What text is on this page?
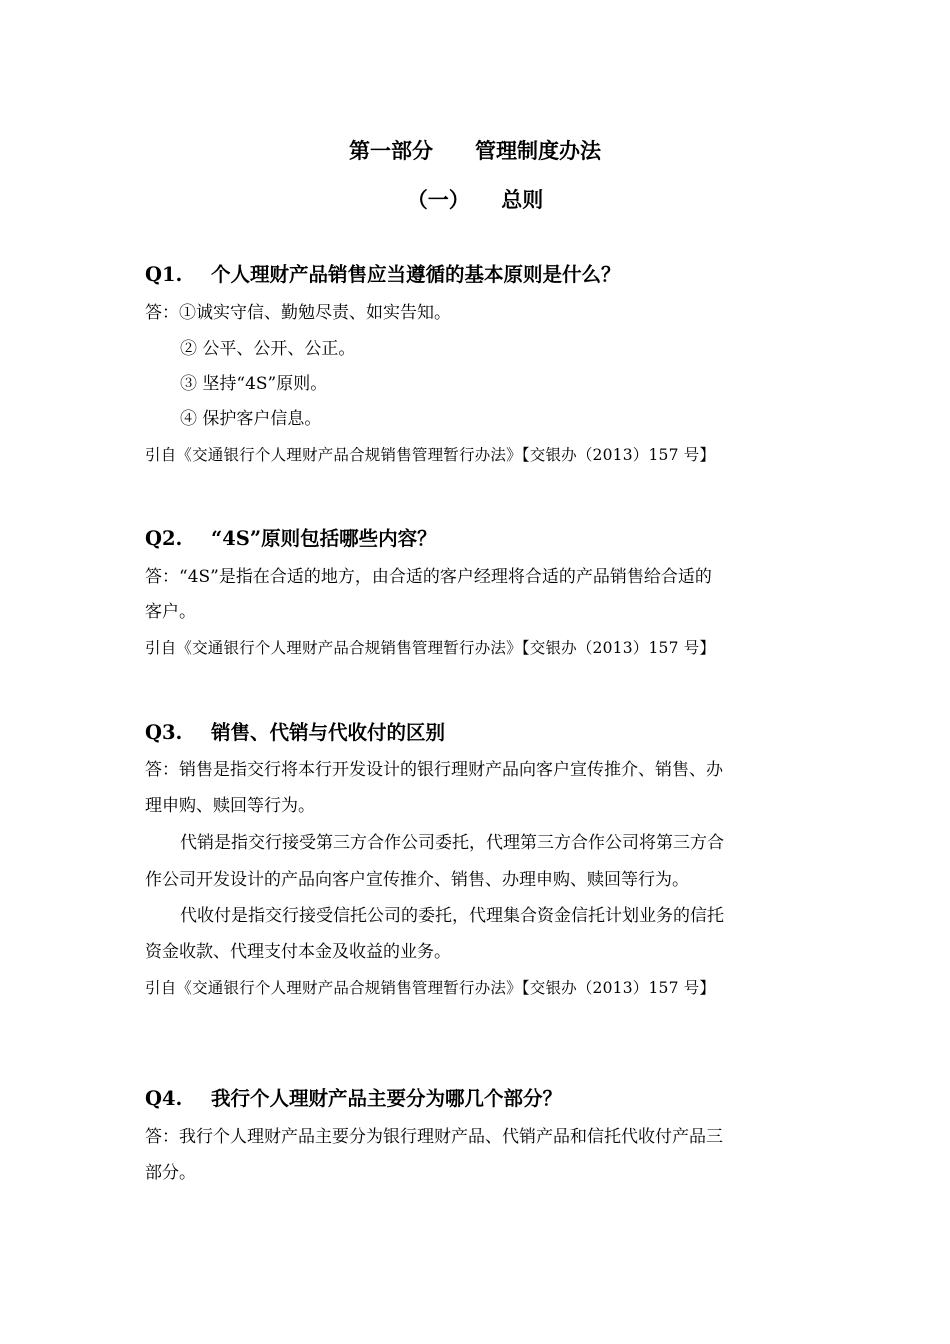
第一部分　　管理制度办法
（一）　　总则
Q1. 个人理财产品销售应当遵循的基本原则是什么？
答：①诚实守信、勤勉尽责、如实告知。
② 公平、公开、公正。
③ 坚持“4S”原则。
④ 保护客户信息。
引自《交通银行个人理财产品合规销售管理暂行办法》【交银办（2013）157 号】
Q2. “4S”原则包括哪些内容？
答：“4S”是指在合适的地方，由合适的客户经理将合适的产品销售给合适的
客户。
引自《交通银行个人理财产品合规销售管理暂行办法》【交银办（2013）157 号】
Q3. 销售、代销与代收付的区别
答：销售是指交行将本行开发设计的银行理财产品向客户宣传推介、销售、办
理申购、赎回等行为。
代销是指交行接受第三方合作公司委托，代理第三方合作公司将第三方合
作公司开发设计的产品向客户宣传推介、销售、办理申购、赎回等行为。
代收付是指交行接受信托公司的委托，代理集合资金信托计划业务的信托
资金收款、代理支付本金及收益的业务。
引自《交通银行个人理财产品合规销售管理暂行办法》【交银办（2013）157 号】
Q4. 我行个人理财产品主要分为哪几个部分？
答：我行个人理财产品主要分为银行理财产品、代销产品和信托代收付产品三
部分。
